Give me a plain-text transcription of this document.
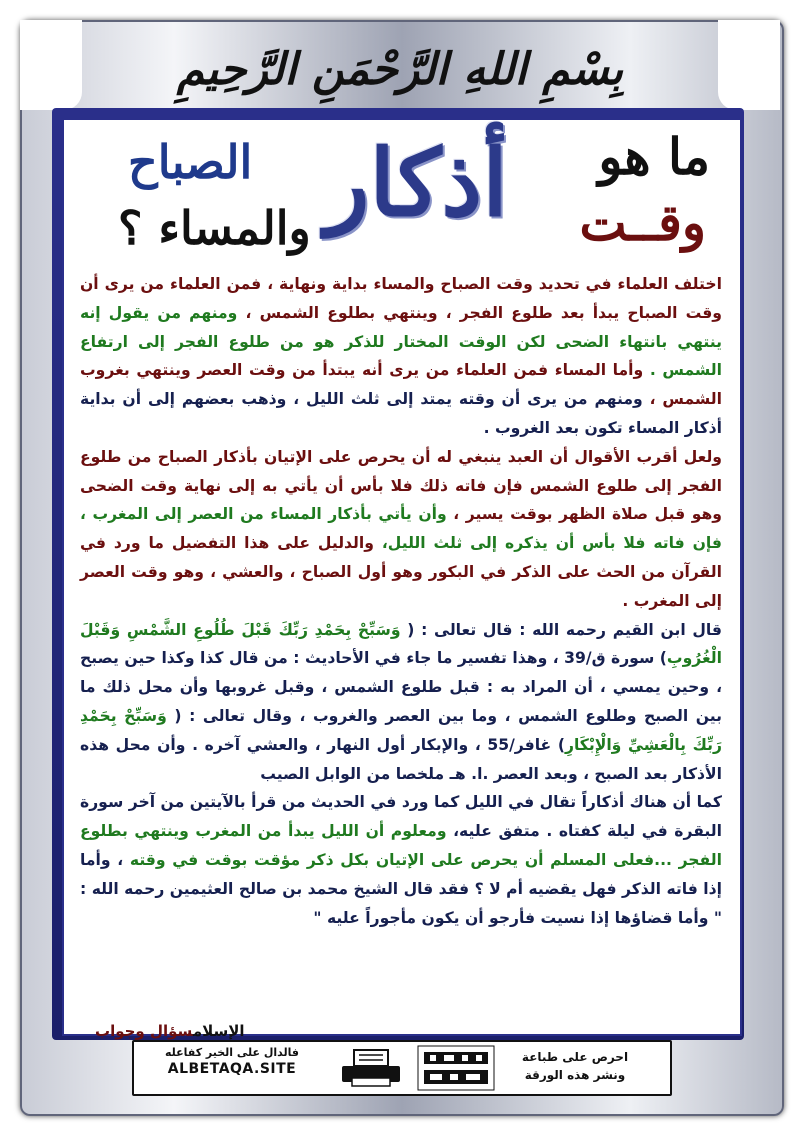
بِسْمِ اللهِ الرَّحْمَنِ الرَّحِيمِ
ما هو
وقــت
أذكار
الصباح
والمساء ؟

اختلف العلماء في تحديد وقت الصباح والمساء بداية ونهاية ، فمن العلماء من يرى أن وقت الصباح يبدأ بعد طلوع الفجر ، وينتهي بطلوع الشمس ، ومنهم من يقول إنه ينتهي بانتهاء الضحى لكن الوقت المختار للذكر هو من طلوع الفجر إلى ارتفاع الشمس . وأما المساء فمن العلماء من يرى أنه يبتدأ من وقت العصر وينتهي بغروب الشمس ، ومنهم من يرى أن وقته يمتد إلى ثلث الليل ، وذهب بعضهم إلى أن بداية أذكار المساء تكون بعد الغروب .

ولعل أقرب الأقوال أن العبد ينبغي له أن يحرص على الإتيان بأذكار الصباح من طلوع الفجر إلى طلوع الشمس فإن فاته ذلك فلا بأس أن يأتي به إلى نهاية وقت الضحى وهو قبل صلاة الظهر بوقت يسير ، وأن يأتي بأذكار المساء من العصر إلى المغرب ، فإن فاته فلا بأس أن يذكره إلى ثلث الليل، والدليل على هذا التفضيل ما ورد في القرآن من الحث على الذكر في البكور وهو أول الصباح ، والعشي ، وهو وقت العصر إلى المغرب .

قال ابن القيم رحمه الله : قال تعالى : ( وَسَبِّحْ بِحَمْدِ رَبِّكَ قَبْلَ طُلُوعِ الشَّمْسِ وَقَبْلَ الْغُرُوبِ) سورة ق/39 ، وهذا تفسير ما جاء في الأحاديث : من قال كذا وكذا حين يصبح ، وحين يمسي ، أن المراد به : قبل طلوع الشمس ، وقبل غروبها وأن محل ذلك ما بين الصبح وطلوع الشمس ، وما بين العصر والغروب ، وقال تعالى : ( وَسَبِّحْ بِحَمْدِ رَبِّكَ بِالْعَشِيِّ وَالْإِبْكَارِ) غافر/55 ، والإبكار أول النهار ، والعشي آخره . وأن محل هذه الأذكار بعد الصبح ، وبعد العصر .ا. هـ ملخصا من الوابل الصيب

كما أن هناك أذكاراً تقال في الليل كما ورد في الحديث من قرأ بالآيتين من آخر سورة البقرة في ليلة كفتاه . متفق عليه، ومعلوم أن الليل يبدأ من المغرب وينتهي بطلوع الفجر ...فعلى المسلم أن يحرص على الإتيان بكل ذكر مؤقت بوقت في وقته ، وأما إذا فاته الذكر فهل يقضيه أم لا ؟ فقد قال الشيخ محمد بن صالح العثيمين رحمه الله : " وأما قضاؤها إذا نسيت فأرجو أن يكون مأجوراً عليه "

الإسلامسؤال وجواب
فالدال على الخير كفاعله
ALBETAQA.SITE
احرص على طباعة
ونشر هذه الورقة
